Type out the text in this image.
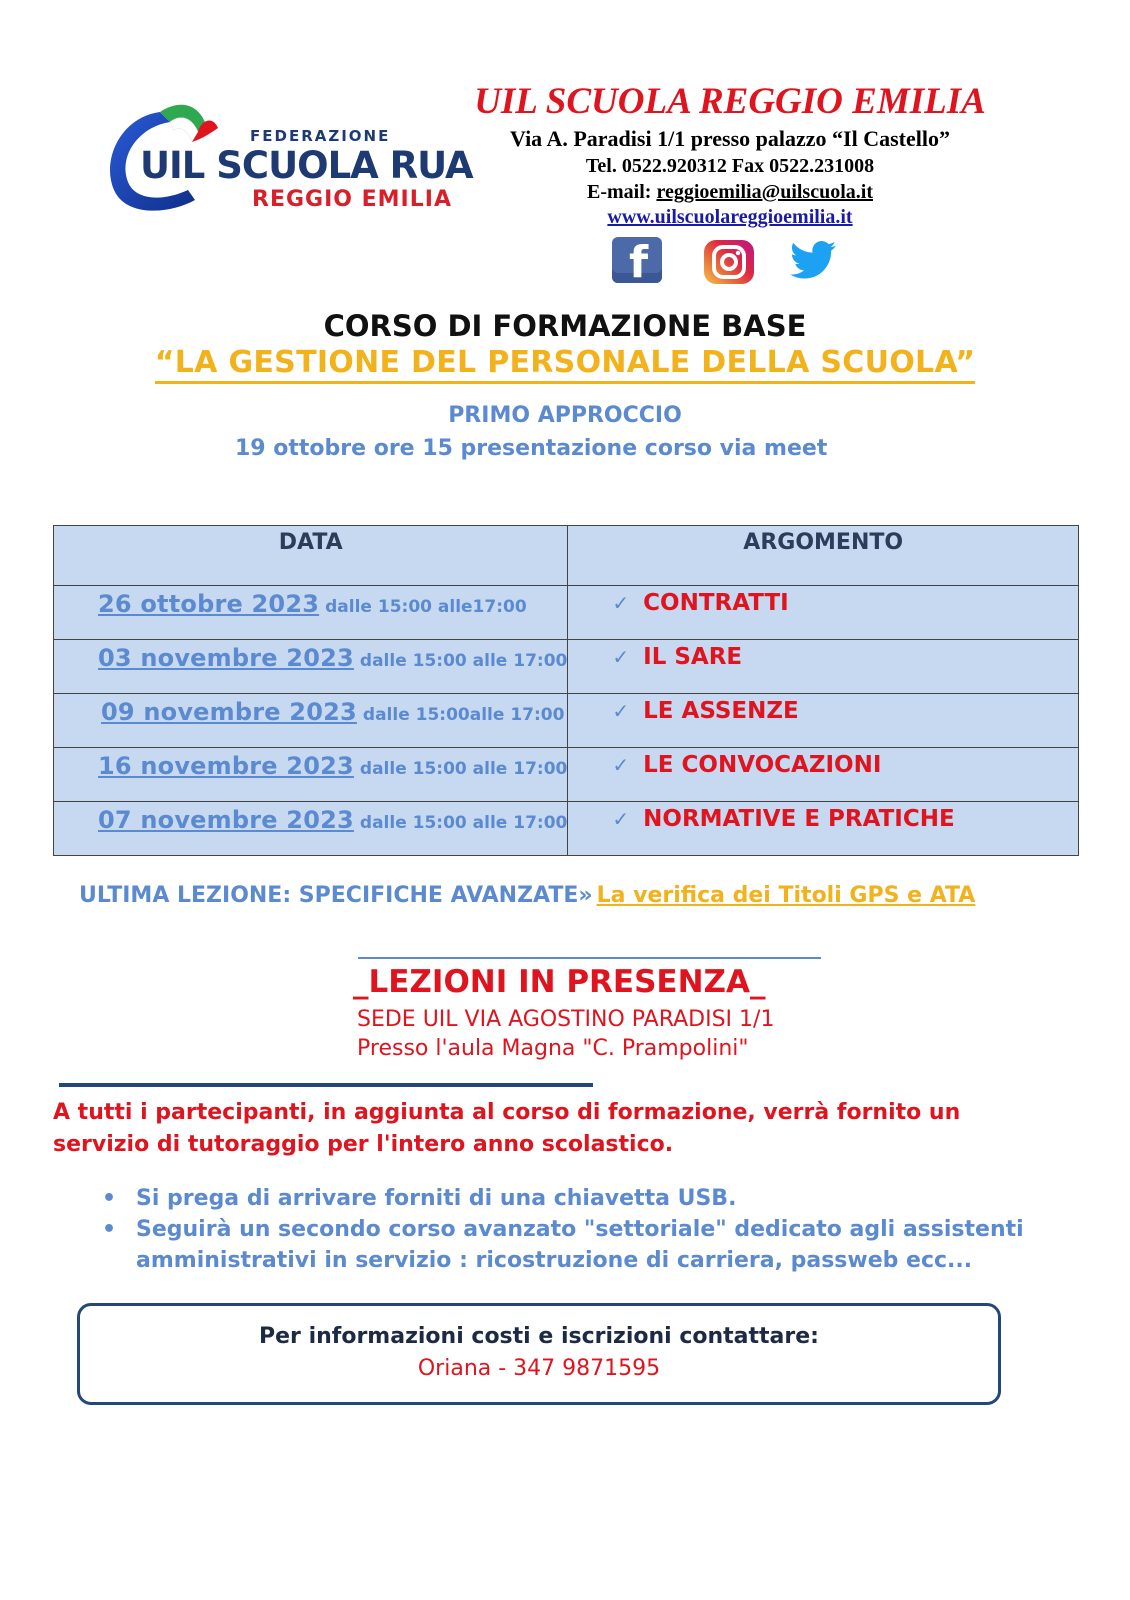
FEDERAZIONE
UIL SCUOLA RUA
REGGIO EMILIA
UIL SCUOLA REGGIO EMILIA
Via A. Paradisi 1/1 presso palazzo “Il Castello”
Tel. 0522.920312 Fax 0522.231008
E-mail: reggioemilia@uilscuola.it
www.uilscuolareggioemilia.it
f
CORSO DI FORMAZIONE BASE
“LA GESTIONE DEL PERSONALE DELLA SCUOLA”
PRIMO APPROCCIO
19 ottobre ore 15 presentazione corso via meet
DATA	ARGOMENTO

26 ottobre 2023 dalle 15:00 alle17:00	✓ CONTRATTI

03 novembre 2023 dalle 15:00 alle 17:00	✓ IL SARE

09 novembre 2023 dalle 15:00alle 17:00	✓ LE ASSENZE

16 novembre 2023 dalle 15:00 alle 17:00	✓ LE CONVOCAZIONI

07 novembre 2023 dalle 15:00 alle 17:00	✓ NORMATIVE E PRATICHE
ULTIMA LEZIONE: SPECIFICHE AVANZATE» La verifica dei Titoli GPS e ATA
_LEZIONI IN PRESENZA_
SEDE UIL VIA AGOSTINO PARADISI 1/1
Presso l'aula Magna "C. Prampolini"
A tutti i partecipanti, in aggiunta al corso di formazione, verrà fornito un servizio di tutoraggio per l'intero anno scolastico.
• Si prega di arrivare forniti di una chiavetta USB.
• Seguirà un secondo corso avanzato "settoriale" dedicato agli assistenti amministrativi in servizio : ricostruzione di carriera, passweb ecc...
Per informazioni costi e iscrizioni contattare:
Oriana - 347 9871595
